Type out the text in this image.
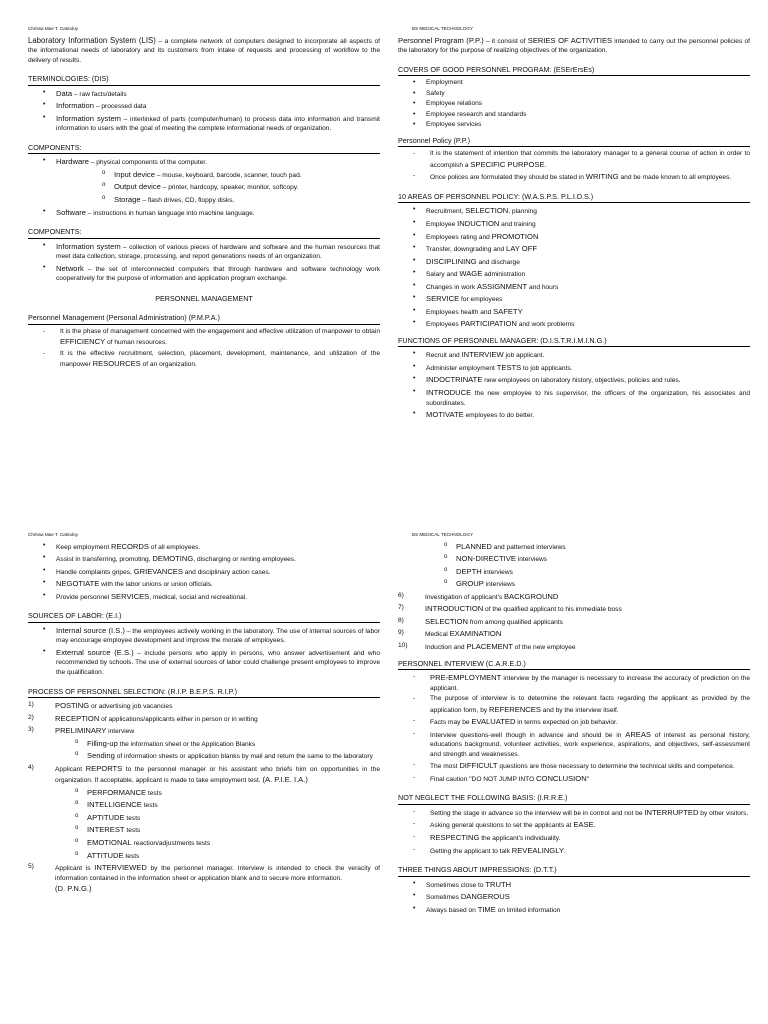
Chrissa Mae T. Catindoy

Laboratory Information System (LIS) – a complete network of computers designed to incorporate all aspects of the informational needs of laboratory and its customers from intake of requests and processing of workflow to the delivery of results.

TERMINOLOGIES: (DIS)
• Data – raw facts/details
• Information – processed data
• Information system – interlinked of parts (computer/human) to process data into information and transmit information to users with the goal of meeting the complete informational needs of organization.
COMPONENTS:
• Hardware – physical components of the computer.
o Input device – mouse, keyboard, barcode, scanner, touch pad.
o Output device – printer, hardcopy, speaker, monitor, softcopy.
o Storage – flash drives, CD, floppy disks.
• Software – instructions in human language into machine language.
COMPONENTS:
• Information system – collection of various pieces of hardware and software and the human resources that meet data collection, storage, processing, and report generations needs of an organization.
• Network – the set of interconnected computers that through hardware and software technology work cooperatively for the purpose of information and application program exchange.
PERSONNEL MANAGEMENT
Personnel Management (Personal Administration) (P.M.P.A.)
- It is the phase of management concerned with the engagement and effective utilization of manpower to obtain EFFICIENCY of human resources.
- It is the effective recruitment, selection, placement, development, maintenance, and utilization of the manpower RESOURCES of an organization.
BS MEDICAL TECHNOLOGY

Personnel Program (P.P.) – it consist of SERIES OF ACTIVITIES intended to carry out the personnel policies of the laboratory for the purpose of realizing objectives of the organization.

COVERS OF GOOD PERSONNEL PROGRAM: (ESErErsEs)
• Employment
• Safety
• Employee relations
• Employee research and standards
• Employee services
Personnel Policy (P.P.)
- It is the statement of intention that commits the laboratory manager to a general course of action in order to accomplish a SPECIFIC PURPOSE.
- Once polices are formulated they should be stated in WRITING and be made known to all employees.
10 AREAS OF PERSONNEL POLICY: (W.A.S.P.S. P.L.I.D.S.)
• Recruitment, SELECTION, planning
• Employee INDUCTION and training
• Employees rating and PROMOTION
• Transfer, downgrading and LAY OFF
• DISCIPLINING and discharge
• Salary and WAGE administration
• Changes in work ASSIGNMENT and hours
• SERVICE for employees
• Employees health and SAFETY
• Employees PARTICIPATION and work problems
FUNCTIONS OF PERSONNEL MANAGER: (D.I.S.T.R.I.M.I.N.G.)
• Recruit and INTERVIEW job applicant.
• Administer employment TESTS to job applicants.
• INDOCTRINATE new employees on laboratory history, objectives, policies and rules.
• INTRODUCE the new employee to his supervisor, the officers of the organization, his associates and subordinates.
• MOTIVATE employees to do better.
Chrissa Mae T. Catindoy
• Keep employment RECORDS of all employees.
• Assist in transferring, promoting, DEMOTING, discharging or renting employees.
• Handle complaints gripes, GRIEVANCES and disciplinary action cases.
• NEGOTIATE with the labor unions or union officials.
• Provide personnel SERVICES, medical, social and recreational.
SOURCES OF LABOR: (E.I.)
• Internal source (I.S.) – the employees actively working in the laboratory. The use of internal sources of labor may encourage employee development and improve the morale of employees.
• External source (E.S.) – include persons who apply in persons, who answer advertisement and who recommended by schools. The use of external sources of labor could challenge present employees to improve the qualification.
PROCESS OF PERSONNEL SELECTION: (R.I.P. B.E.P.S. R.I.P.)
1)	POSTING or advertising job vacancies
2)	RECEPTION of applications/applicants either in person or in writing
3)	PRELIMINARY interview
o Filling-up the information sheet or the Application Blanks
o Sending of information sheets or application blanks by mail and return the same to the laboratory
4)	Applicant REPORTS to the personnel manager or his assistant who briefs him on opportunities in the organization. If acceptable, applicant is made to take employment test. (A. P.I.E. I.A.)
o PERFORMANCE tests
o INTELLIGENCE tests
o APTITUDE tests
o INTEREST tests
o EMOTIONAL reaction/adjustments tests
o ATTITUDE tests
5)	Applicant is INTERVIEWED by the personnel manager. Interview is intended to check the veracity of information contained in the information sheet or application blank and to secure more information.
(D. P.N.G.)
BS MEDICAL TECHNOLOGY
o PLANNED and patterned interviews
o NON-DIRECTIVE interviews
o DEPTH interviews
o GROUP interviews
6)	Investigation of applicant's BACKGROUND
7)	INTRODUCTION of the qualified applicant to his immediate boss
8)	SELECTION from among qualified applicants
9)	Medical EXAMINATION
10)	Induction and PLACEMENT of the new employee
PERSONNEL INTERVIEW (C.A.R.E.D.)
- PRE-EMPLOYMENT interview by the manager is necessary to increase the accuracy of prediction on the applicant.
- The purpose of interview is to determine the relevant facts regarding the applicant as provided by the application form, by REFERENCES and by the interview itself.
- Facts may be EVALUATED in terms expected on job behavior.
- Interview questions-well though in advance and should be in AREAS of interest as personal history, educations background, volunteer activities, work experience, aspirations, and objectives, self-assessment and strength and weaknesses.
- The most DIFFICULT questions are those necessary to determine the technical skills and competence.
- Final caution "DO NOT JUMP INTO CONCLUSION"
NOT NEGLECT THE FOLLOWING BASIS: (I.R.R.E.)
- Setting the stage in advance so the interview will be in control and not be INTERRUPTED by other visitors.
- Asking general questions to set the applicants at EASE.
- RESPECTING the applicant's individuality.
- Getting the applicant to talk REVEALINGLY.
THREE THINGS ABOUT IMPRESSIONS: (D.T.T.)
• Sometimes close to TRUTH
• Sometimes DANGEROUS
• Always based on TIME on limited information
